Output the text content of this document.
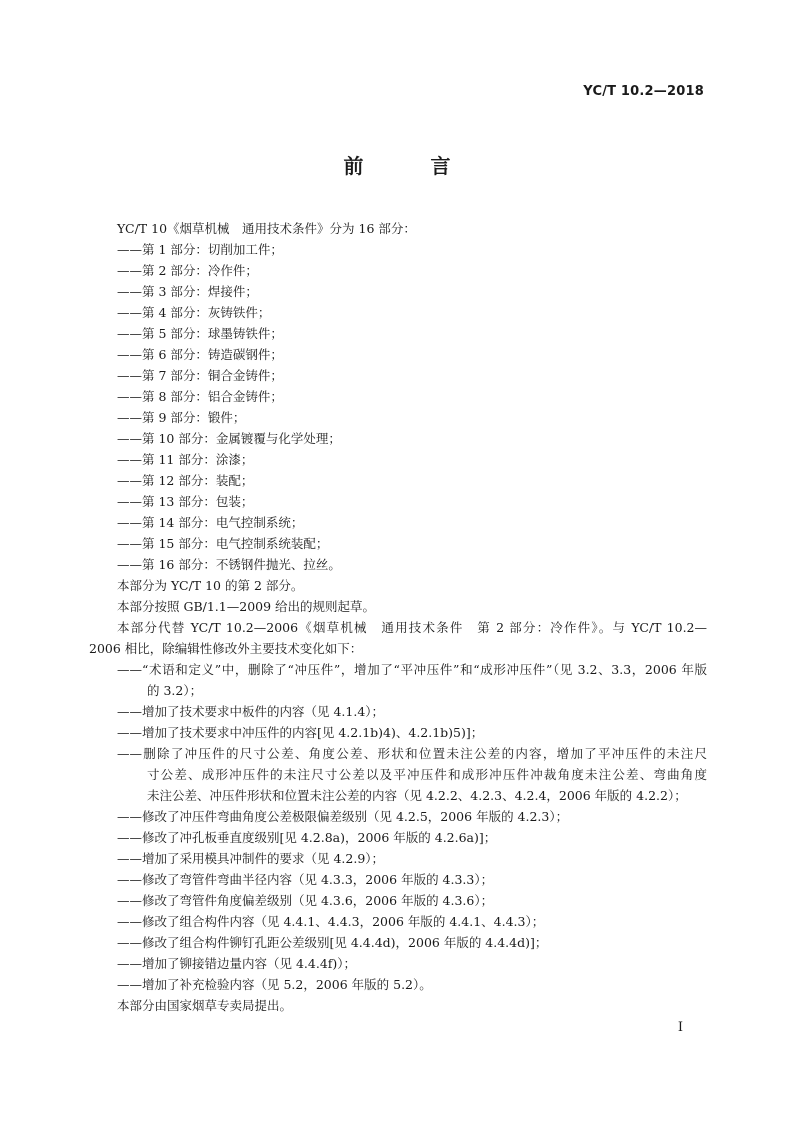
YC/T 10.2—2018
前 言
YC/T 10《烟草机械　通用技术条件》分为 16 部分：
——第 1 部分：切削加工件；
——第 2 部分：冷作件；
——第 3 部分：焊接件；
——第 4 部分：灰铸铁件；
——第 5 部分：球墨铸铁件；
——第 6 部分：铸造碳钢件；
——第 7 部分：铜合金铸件；
——第 8 部分：铝合金铸件；
——第 9 部分：锻件；
——第 10 部分：金属镀覆与化学处理；
——第 11 部分：涂漆；
——第 12 部分：装配；
——第 13 部分：包装；
——第 14 部分：电气控制系统；
——第 15 部分：电气控制系统装配；
——第 16 部分：不锈钢件抛光、拉丝。
本部分为 YC/T 10 的第 2 部分。
本部分按照 GB/1.1—2009 给出的规则起草。
本部分代替 YC/T 10.2—2006《烟草机械　通用技术条件　第 2 部分：冷作件》。与 YC/T 10.2—
2006 相比，除编辑性修改外主要技术变化如下：
——“术语和定义”中，删除了“冲压件”，增加了“平冲压件”和“成形冲压件”（见 3.2、3.3，2006 年版
的 3.2）；
——增加了技术要求中板件的内容（见 4.1.4）；
——增加了技术要求中冲压件的内容[见 4.2.1b)4)、4.2.1b)5)]；
——删除了冲压件的尺寸公差、角度公差、形状和位置未注公差的内容，增加了平冲压件的未注尺
寸公差、成形冲压件的未注尺寸公差以及平冲压件和成形冲压件冲裁角度未注公差、弯曲角度
未注公差、冲压件形状和位置未注公差的内容（见 4.2.2、4.2.3、4.2.4，2006 年版的 4.2.2）；
——修改了冲压件弯曲角度公差极限偏差级别（见 4.2.5，2006 年版的 4.2.3）；
——修改了冲孔板垂直度级别[见 4.2.8a)，2006 年版的 4.2.6a)]；
——增加了采用模具冲制件的要求（见 4.2.9）；
——修改了弯管件弯曲半径内容（见 4.3.3，2006 年版的 4.3.3）；
——修改了弯管件角度偏差级别（见 4.3.6，2006 年版的 4.3.6）；
——修改了组合构件内容（见 4.4.1、4.4.3，2006 年版的 4.4.1、4.4.3）；
——修改了组合构件铆钉孔距公差级别[见 4.4.4d)，2006 年版的 4.4.4d)]；
——增加了铆接错边量内容（见 4.4.4f)）；
——增加了补充检验内容（见 5.2，2006 年版的 5.2）。
本部分由国家烟草专卖局提出。
I
